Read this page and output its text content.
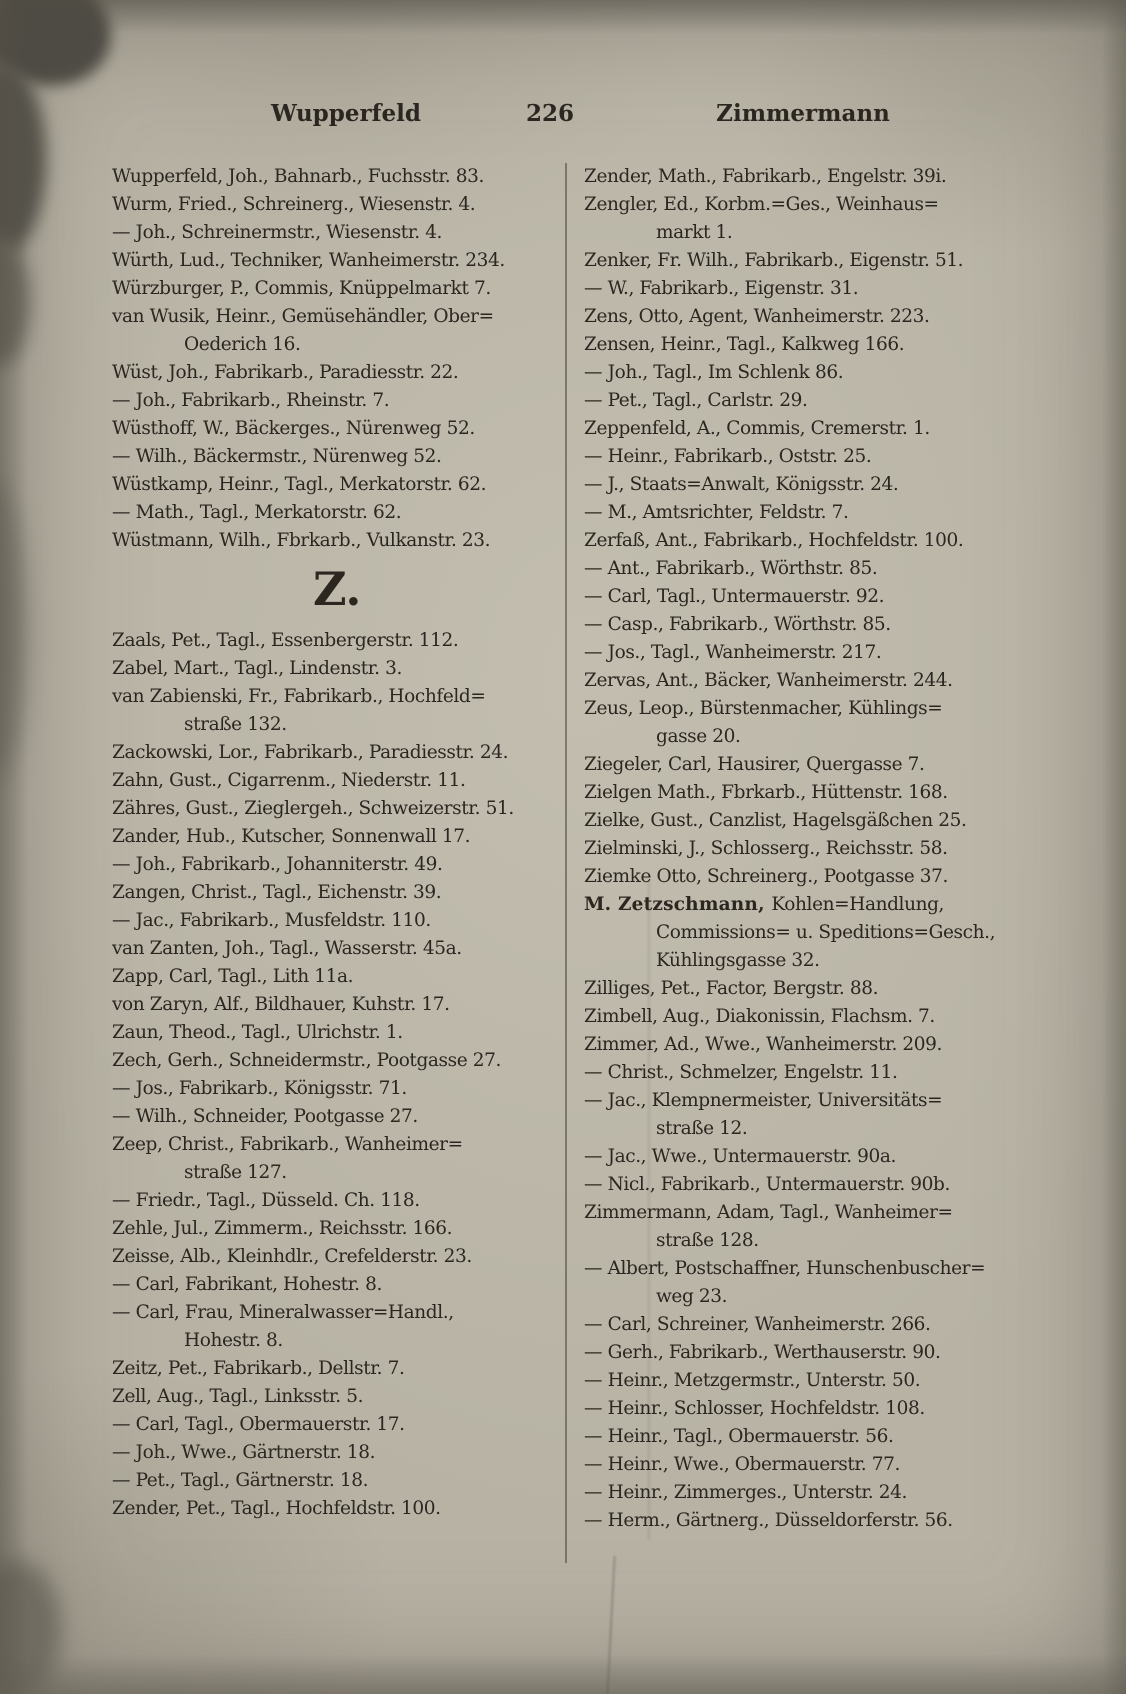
Wupperfeld	226	Zimmermann
Wupperfeld, Joh., Bahnarb., Fuchsstr. 83.
Wurm, Fried., Schreinerg., Wiesenstr. 4.
— Joh., Schreinermstr., Wiesenstr. 4.
Würth, Lud., Techniker, Wanheimerstr. 234.
Würzburger, P., Commis, Knüppelmarkt 7.
van Wusik, Heinr., Gemüsehändler, Ober=
Oederich 16.
Wüst, Joh., Fabrikarb., Paradiesstr. 22.
— Joh., Fabrikarb., Rheinstr. 7.
Wüsthoff, W., Bäckerges., Nürenweg 52.
— Wilh., Bäckermstr., Nürenweg 52.
Wüstkamp, Heinr., Tagl., Merkatorstr. 62.
— Math., Tagl., Merkatorstr. 62.
Wüstmann, Wilh., Fbrkarb., Vulkanstr. 23.
Z.
Zaals, Pet., Tagl., Essenbergerstr. 112.
Zabel, Mart., Tagl., Lindenstr. 3.
van Zabienski, Fr., Fabrikarb., Hochfeld=
straße 132.
Zackowski, Lor., Fabrikarb., Paradiesstr. 24.
Zahn, Gust., Cigarrenm., Niederstr. 11.
Zähres, Gust., Zieglergeh., Schweizerstr. 51.
Zander, Hub., Kutscher, Sonnenwall 17.
— Joh., Fabrikarb., Johanniterstr. 49.
Zangen, Christ., Tagl., Eichenstr. 39.
— Jac., Fabrikarb., Musfeldstr. 110.
van Zanten, Joh., Tagl., Wasserstr. 45a.
Zapp, Carl, Tagl., Lith 11a.
von Zaryn, Alf., Bildhauer, Kuhstr. 17.
Zaun, Theod., Tagl., Ulrichstr. 1.
Zech, Gerh., Schneidermstr., Pootgasse 27.
— Jos., Fabrikarb., Königsstr. 71.
— Wilh., Schneider, Pootgasse 27.
Zeep, Christ., Fabrikarb., Wanheimer=
straße 127.
— Friedr., Tagl., Düsseld. Ch. 118.
Zehle, Jul., Zimmerm., Reichsstr. 166.
Zeisse, Alb., Kleinhdlr., Crefelderstr. 23.
— Carl, Fabrikant, Hohestr. 8.
— Carl, Frau, Mineralwasser=Handl.,
Hohestr. 8.
Zeitz, Pet., Fabrikarb., Dellstr. 7.
Zell, Aug., Tagl., Linksstr. 5.
— Carl, Tagl., Obermauerstr. 17.
— Joh., Wwe., Gärtnerstr. 18.
— Pet., Tagl., Gärtnerstr. 18.
Zender, Pet., Tagl., Hochfeldstr. 100.
Zender, Math., Fabrikarb., Engelstr. 39i.
Zengler, Ed., Korbm.=Ges., Weinhaus=
markt 1.
Zenker, Fr. Wilh., Fabrikarb., Eigenstr. 51.
— W., Fabrikarb., Eigenstr. 31.
Zens, Otto, Agent, Wanheimerstr. 223.
Zensen, Heinr., Tagl., Kalkweg 166.
— Joh., Tagl., Im Schlenk 86.
— Pet., Tagl., Carlstr. 29.
Zeppenfeld, A., Commis, Cremerstr. 1.
— Heinr., Fabrikarb., Oststr. 25.
— J., Staats=Anwalt, Königsstr. 24.
— M., Amtsrichter, Feldstr. 7.
Zerfaß, Ant., Fabrikarb., Hochfeldstr. 100.
— Ant., Fabrikarb., Wörthstr. 85.
— Carl, Tagl., Untermauerstr. 92.
— Casp., Fabrikarb., Wörthstr. 85.
— Jos., Tagl., Wanheimerstr. 217.
Zervas, Ant., Bäcker, Wanheimerstr. 244.
Zeus, Leop., Bürstenmacher, Kühlings=
gasse 20.
Ziegeler, Carl, Hausirer, Quergasse 7.
Zielgen Math., Fbrkarb., Hüttenstr. 168.
Zielke, Gust., Canzlist, Hagelsgäßchen 25.
Zielminski, J., Schlosserg., Reichsstr. 58.
Ziemke Otto, Schreinerg., Pootgasse 37.
M. Zetzschmann, Kohlen=Handlung,
Commissions= u. Speditions=Gesch.,
Kühlingsgasse 32.
Zilliges, Pet., Factor, Bergstr. 88.
Zimbell, Aug., Diakonissin, Flachsm. 7.
Zimmer, Ad., Wwe., Wanheimerstr. 209.
— Christ., Schmelzer, Engelstr. 11.
— Jac., Klempnermeister, Universitäts=
straße 12.
— Jac., Wwe., Untermauerstr. 90a.
— Nicl., Fabrikarb., Untermauerstr. 90b.
Zimmermann, Adam, Tagl., Wanheimer=
straße 128.
— Albert, Postschaffner, Hunschenbuscher=
weg 23.
— Carl, Schreiner, Wanheimerstr. 266.
— Gerh., Fabrikarb., Werthauserstr. 90.
— Heinr., Metzgermstr., Unterstr. 50.
— Heinr., Schlosser, Hochfeldstr. 108.
— Heinr., Tagl., Obermauerstr. 56.
— Heinr., Wwe., Obermauerstr. 77.
— Heinr., Zimmerges., Unterstr. 24.
— Herm., Gärtnerg., Düsseldorferstr. 56.
